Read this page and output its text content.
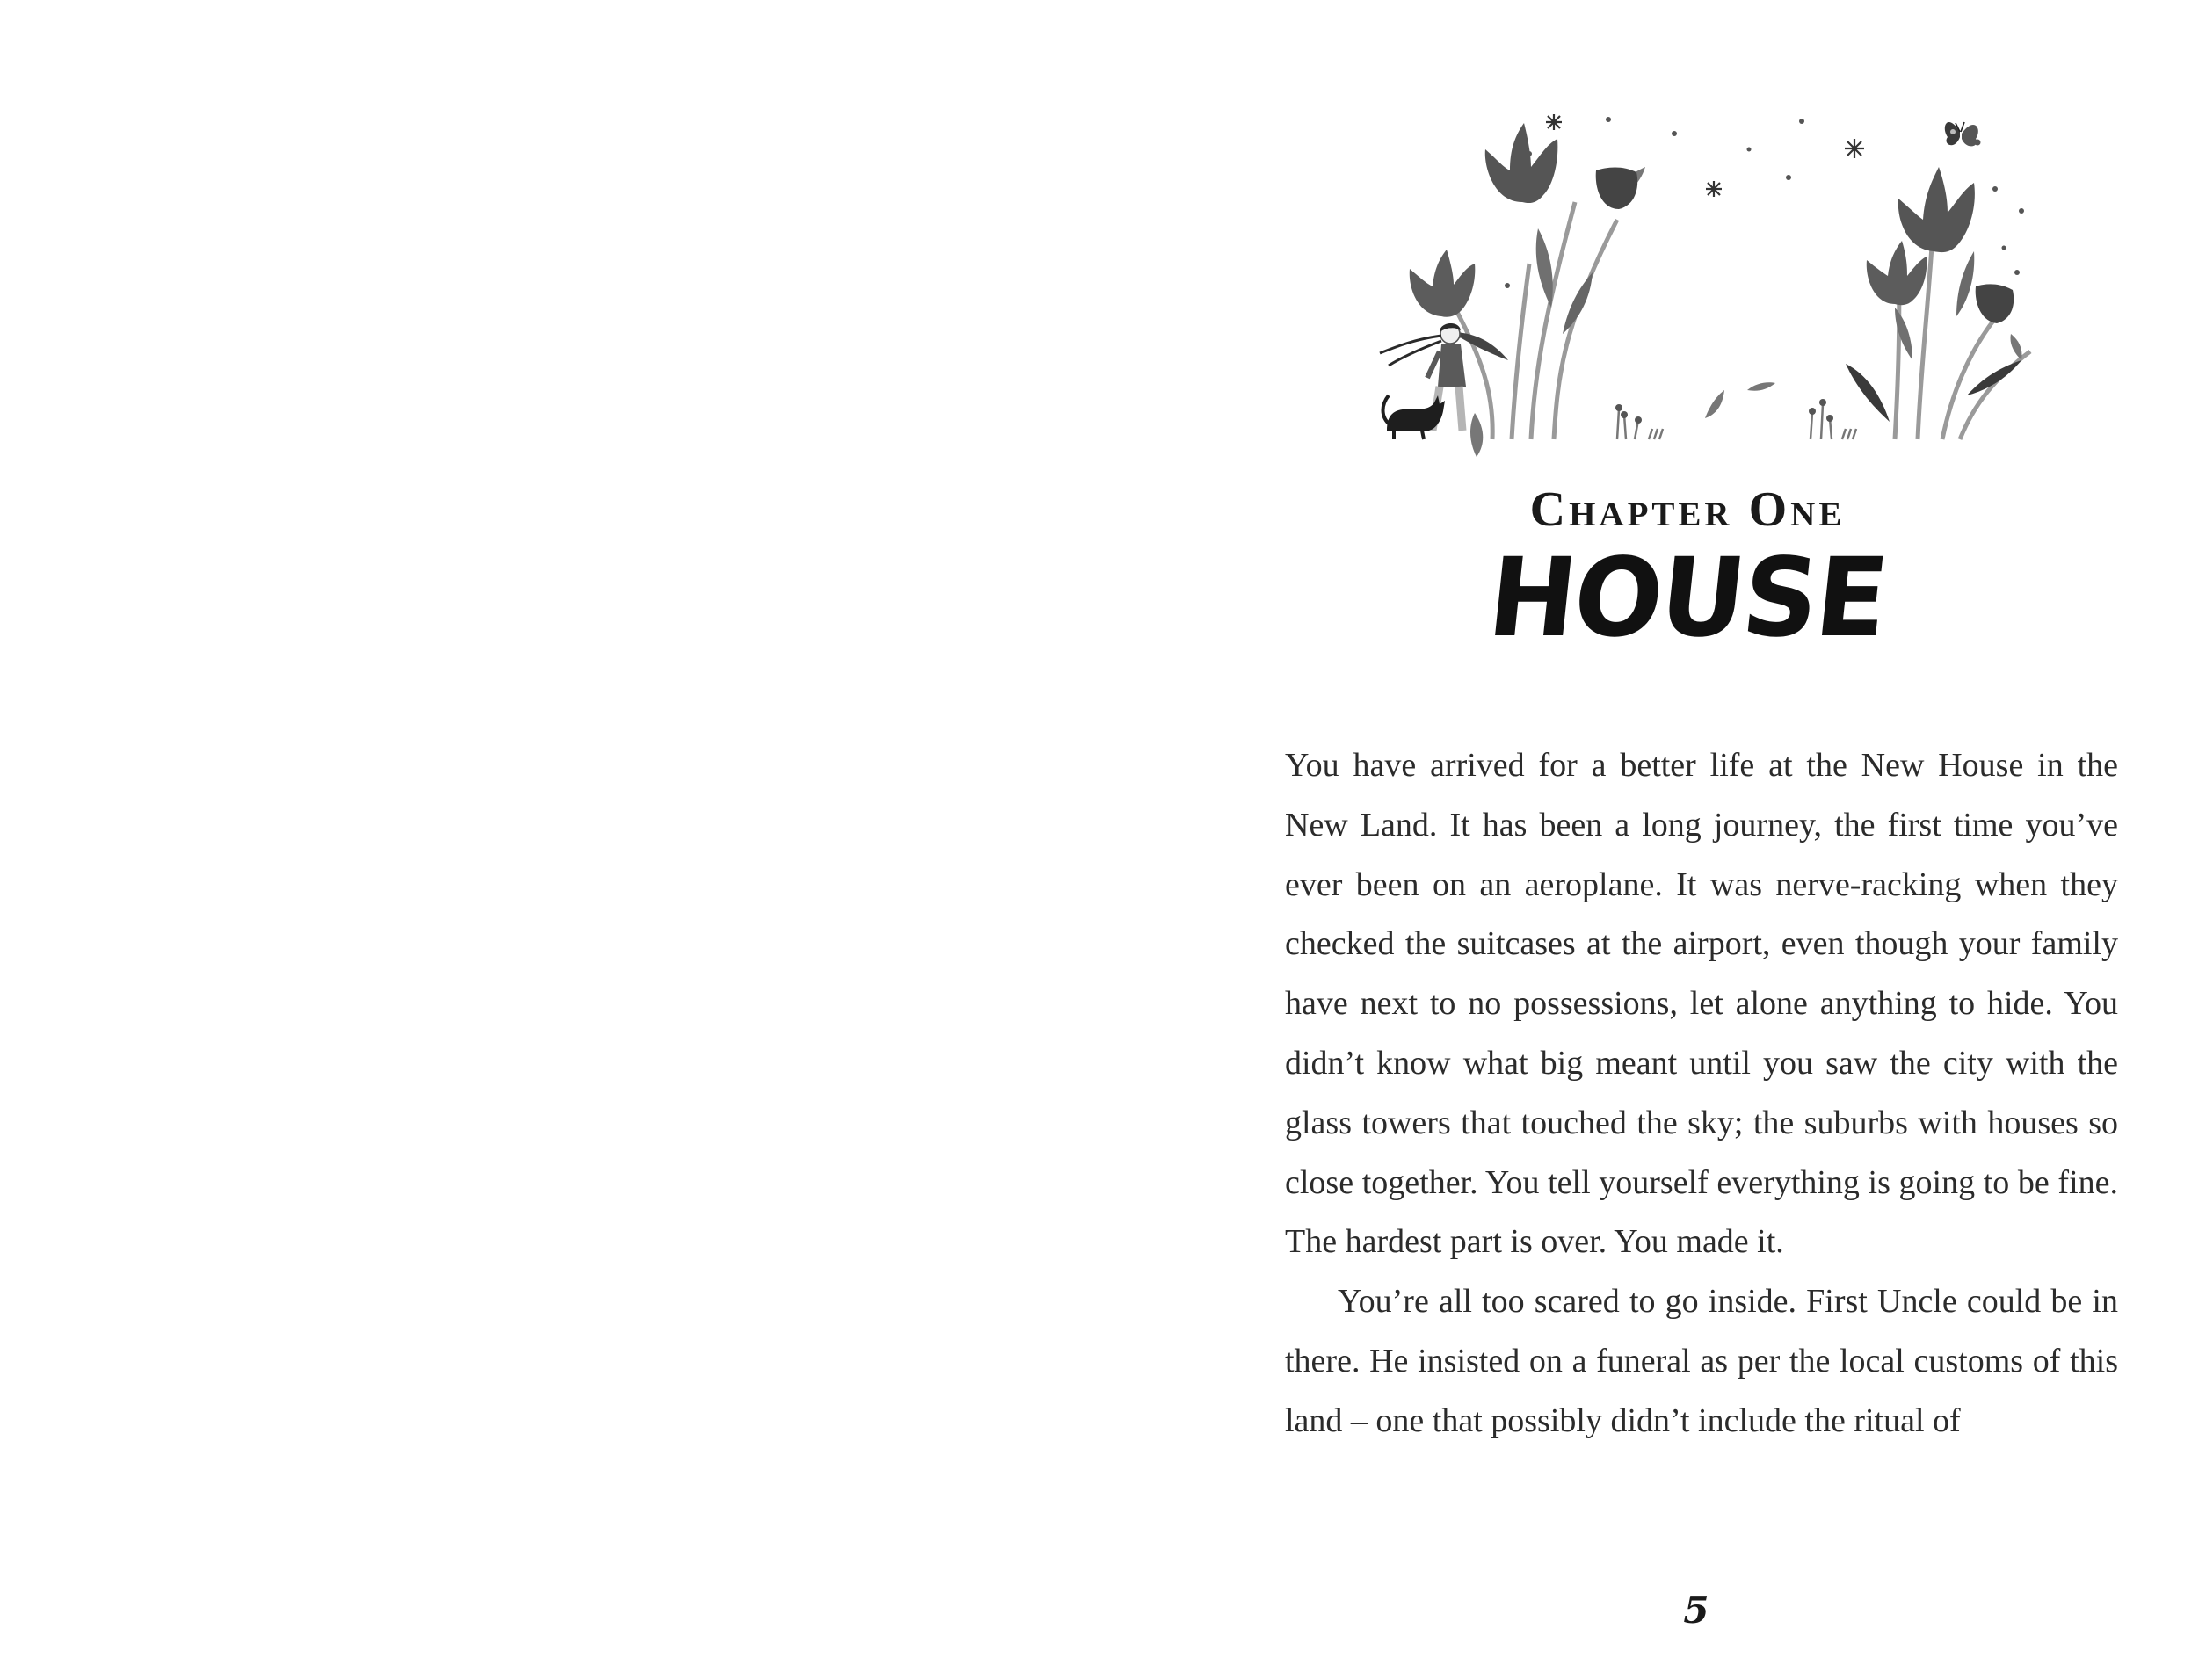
Chapter One
HOUSE

You have arrived for a better life at the New House in the New Land. It has been a long journey, the first time you’ve ever been on an aeroplane. It was nerve-racking when they checked the suitcases at the airport, even though your family have next to no possessions, let alone anything to hide. You didn’t know what big meant until you saw the city with the glass towers that touched the sky; the suburbs with houses so close together. You tell yourself everything is going to be fine. The hardest part is over. You made it.

You’re all too scared to go inside. First Uncle could be in there. He insisted on a funeral as per the local customs of this land – one that possibly didn’t include the ritual of

5
